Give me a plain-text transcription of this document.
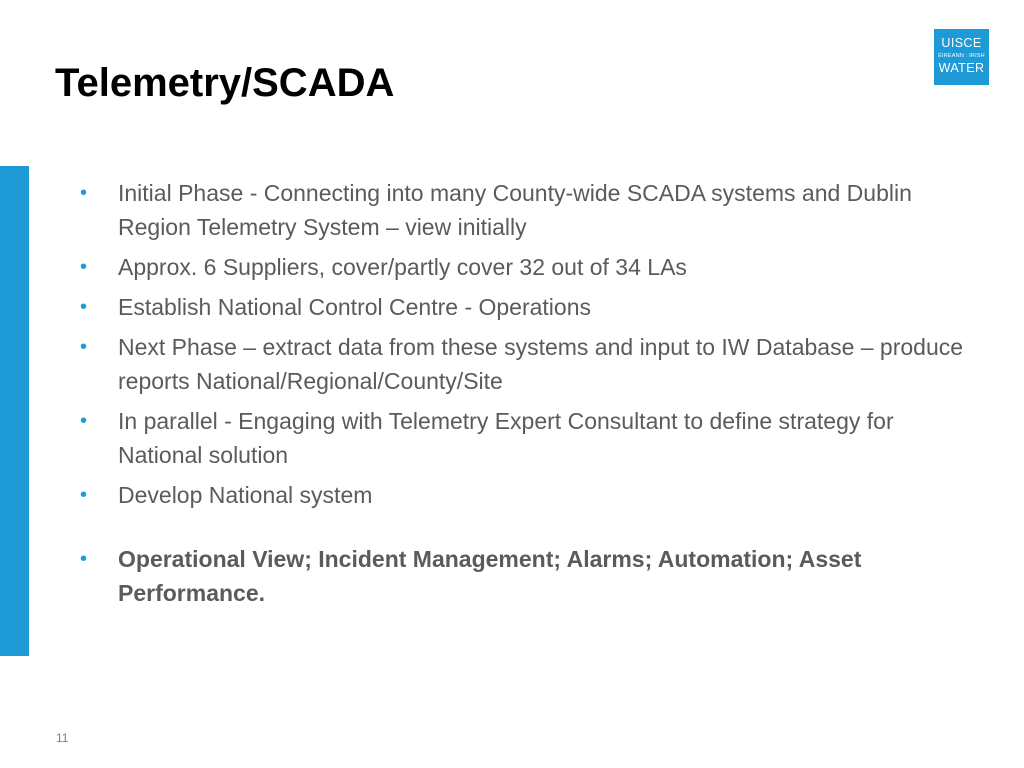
Telemetry/SCADA
UISCE
ÉIREANN : IRISH
WATER
• Initial Phase - Connecting into many County-wide SCADA systems and Dublin Region Telemetry System – view initially
• Approx. 6 Suppliers, cover/partly cover 32 out of 34 LAs
• Establish National Control Centre - Operations
• Next Phase – extract data from these systems and input to IW Database – produce reports National/Regional/County/Site
• In parallel - Engaging with Telemetry Expert Consultant to define strategy for National solution
• Develop National system
• Operational View; Incident Management; Alarms; Automation; Asset Performance.
11
